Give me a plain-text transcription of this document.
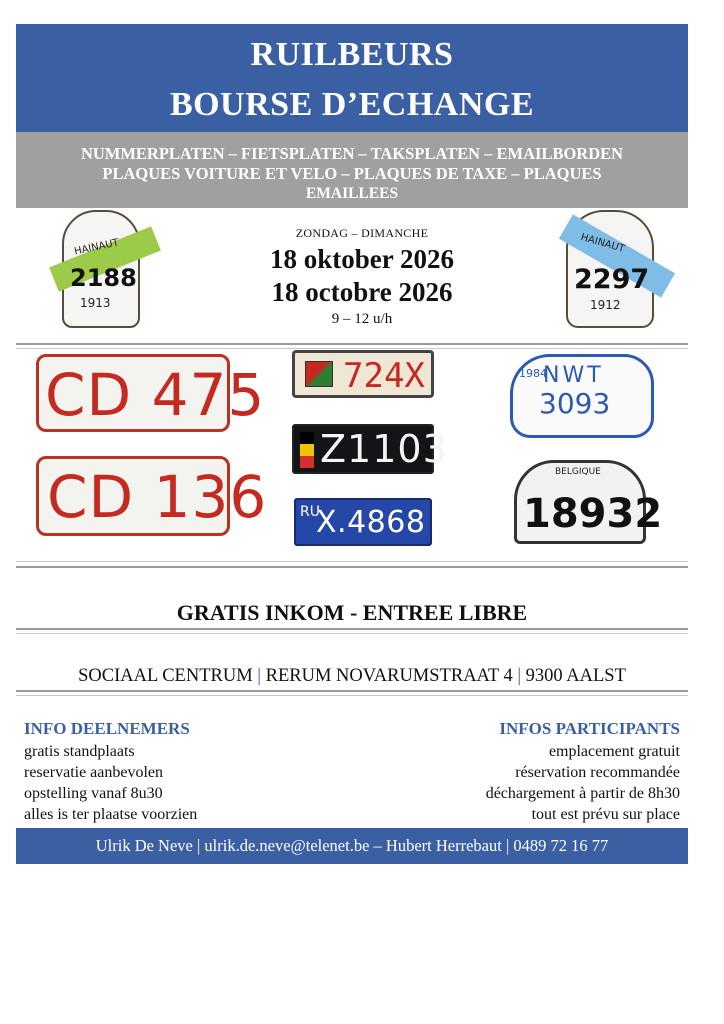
RUILBEURS
BOURSE D’ECHANGE
NUMMERPLATEN – FIETSPLATEN – TAKSPLATEN – EMAILBORDEN
PLAQUES VOITURE ET VELO – PLAQUES DE TAXE – PLAQUES
EMAILLEES
HAINAUT
2188
1913
HAINAUT
2297
1912
ZONDAG – DIMANCHE
18 oktober 2026
18 octobre 2026
9 – 12 u/h
CD 475
CD 136
724X
Z1103
RU
X.4868
1984
NWT
3093
BELGIQUE
18932
GRATIS INKOM - ENTREE LIBRE
SOCIAAL CENTRUM | RERUM NOVARUMSTRAAT 4 | 9300 AALST
INFO DEELNEMERS
gratis standplaats
reservatie aanbevolen
opstelling vanaf 8u30
alles is ter plaatse voorzien
INFOS PARTICIPANTS
emplacement gratuit
réservation recommandée
déchargement à partir de 8h30
tout est prévu sur place
Ulrik De Neve | ulrik.de.neve@telenet.be – Hubert Herrebaut | 0489 72 16 77
